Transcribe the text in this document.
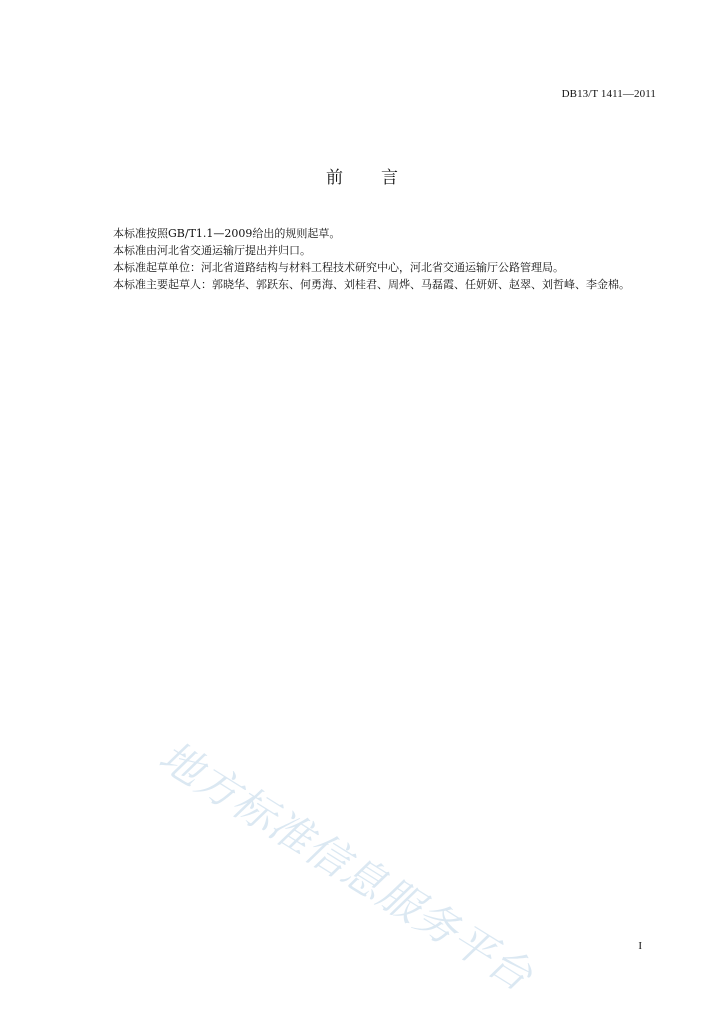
DB13/T 1411—2011
前 言

本标准按照GB/T1.1—2009给出的规则起草。

本标准由河北省交通运输厅提出并归口。

本标准起草单位：河北省道路结构与材料工程技术研究中心，河北省交通运输厅公路管理局。

本标准主要起草人：郭晓华、郭跃东、何勇海、刘桂君、周烨、马磊霞、任妍妍、赵翠、刘哲峰、李金棉。

地方标准信息服务平台	I
